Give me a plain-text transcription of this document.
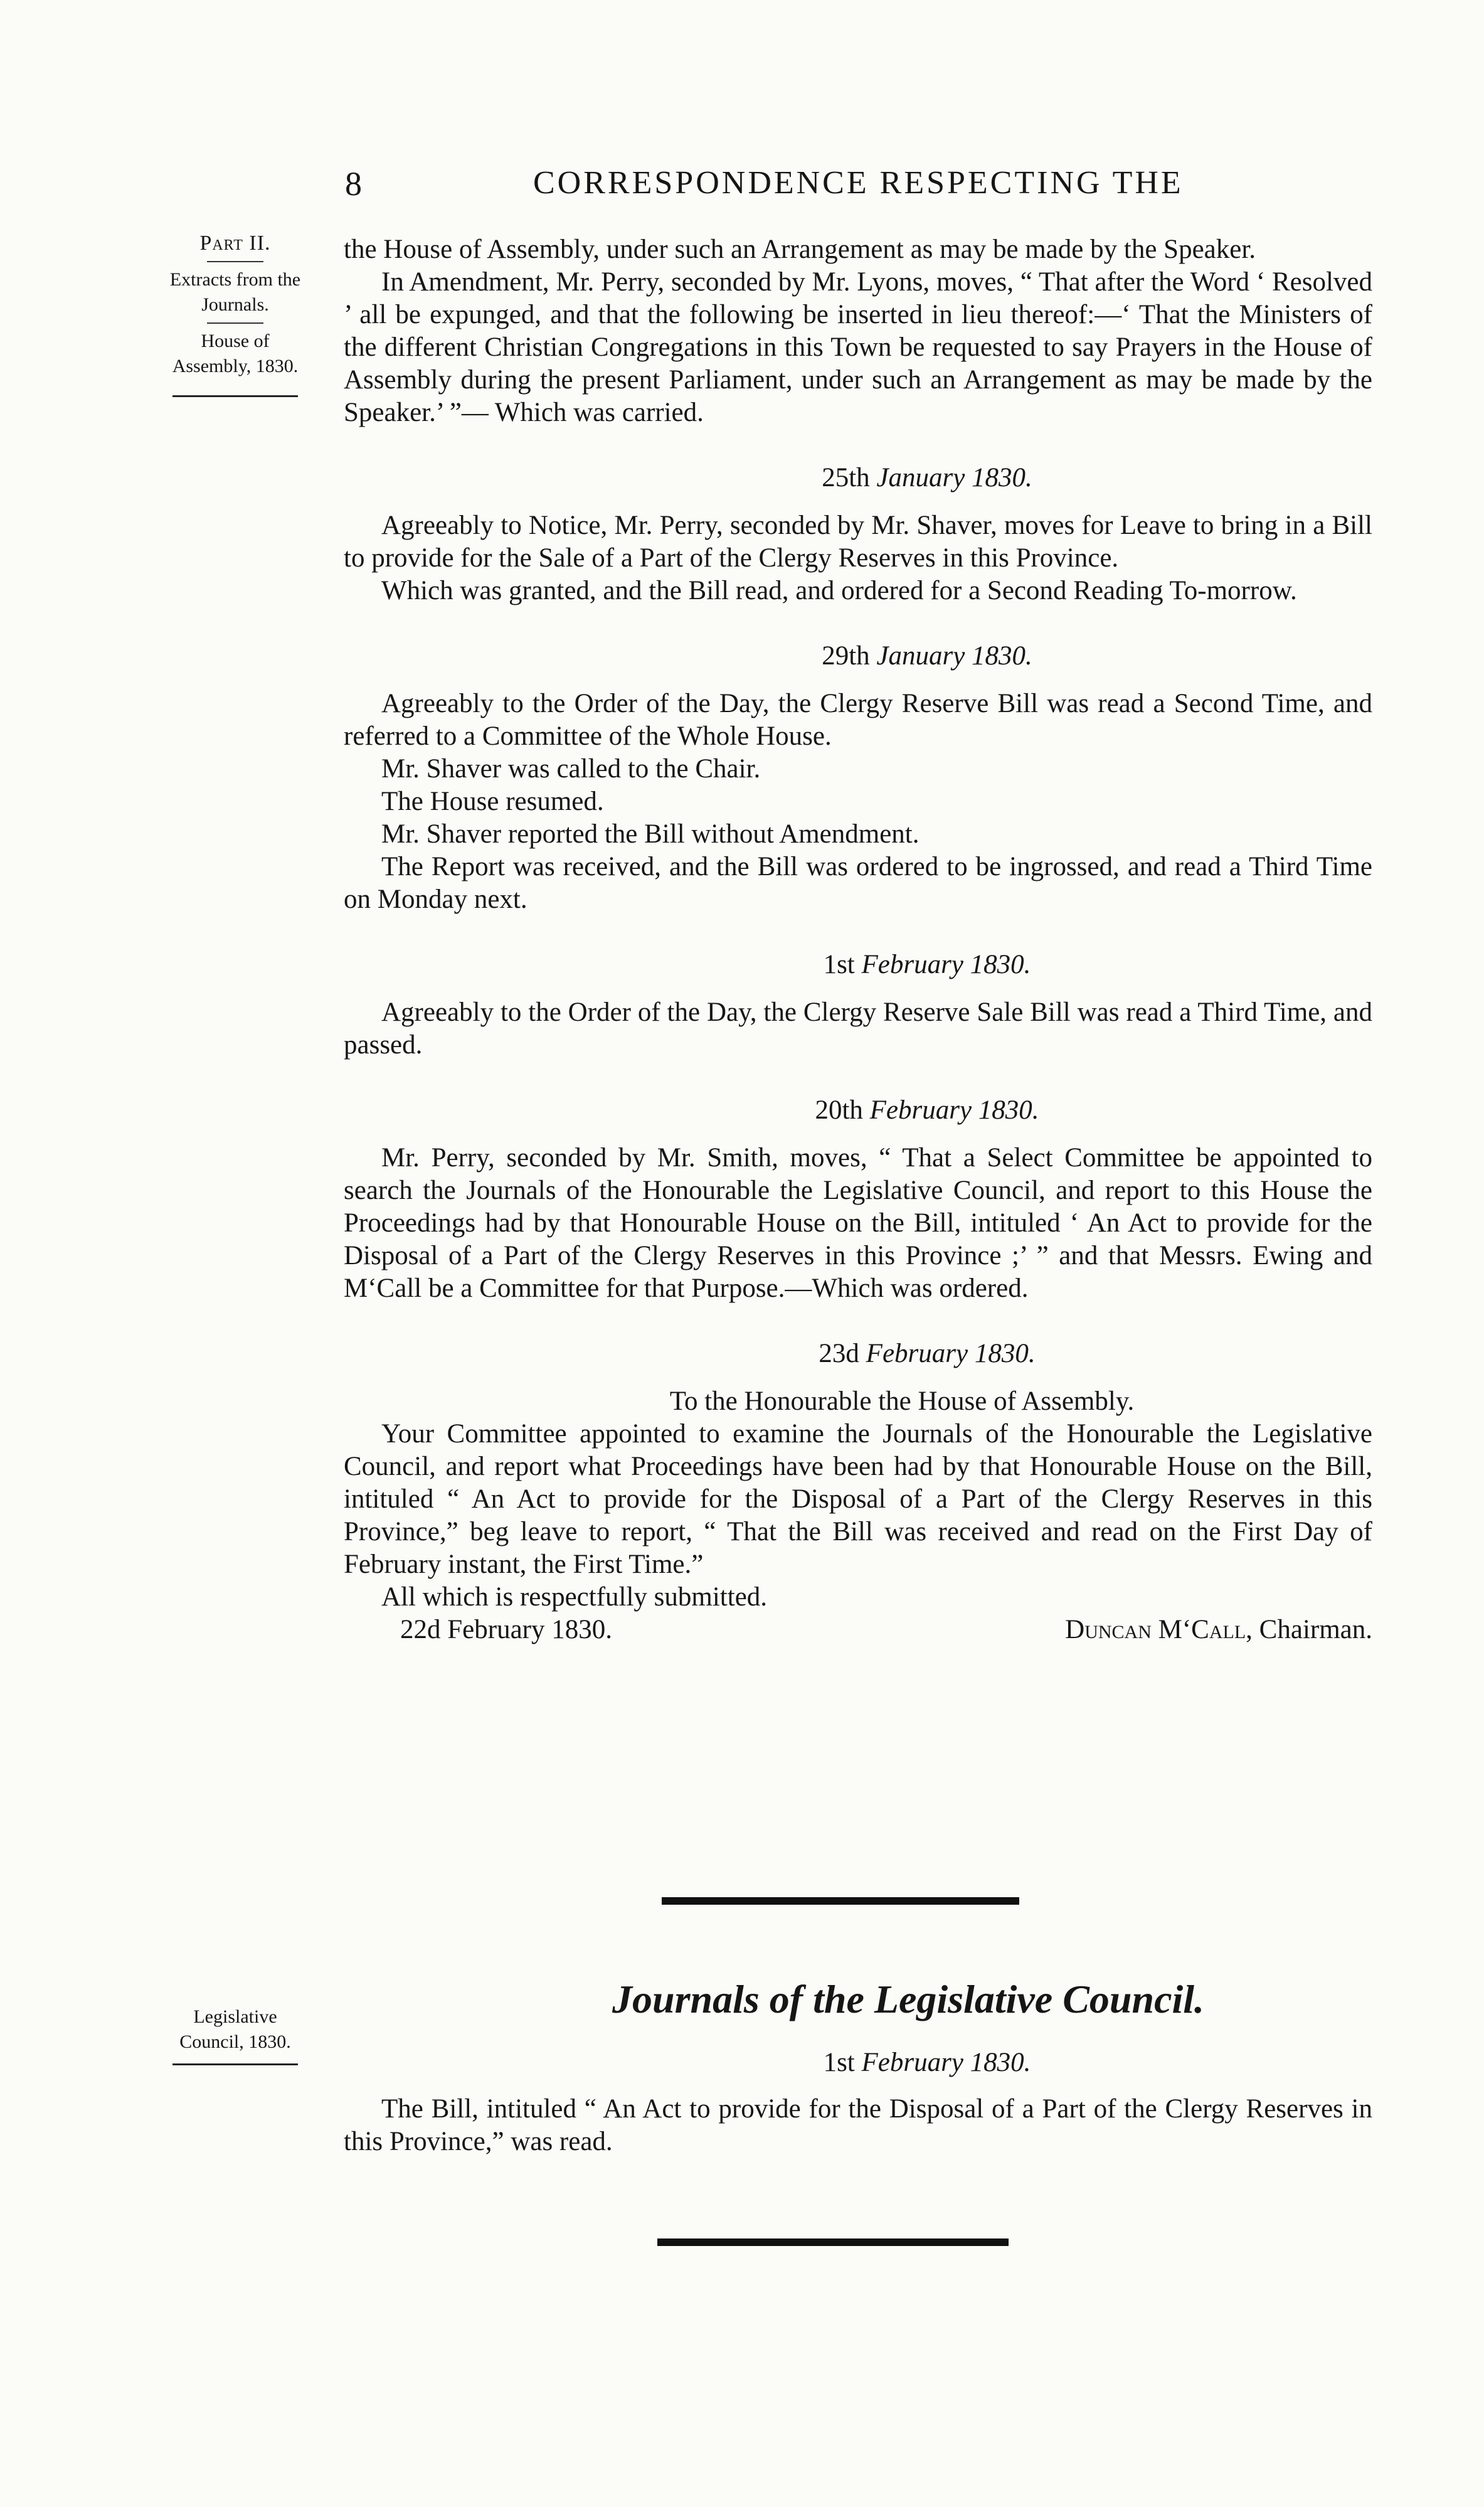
8	CORRESPONDENCE RESPECTING THE
Part II.
Extracts from the Journals.
House of Assembly, 1830.

the House of Assembly, under such an Arrangement as may be made by the Speaker.

In Amendment, Mr. Perry, seconded by Mr. Lyons, moves, “ That after the Word ‘ Resolved ’ all be expunged, and that the following be inserted in lieu thereof:—‘ That the Ministers of the different Christian Congregations in this Town be requested to say Prayers in the House of Assembly during the present Parliament, under such an Arrangement as may be made by the Speaker.’ ”— Which was carried.

25th January 1830.

Agreeably to Notice, Mr. Perry, seconded by Mr. Shaver, moves for Leave to bring in a Bill to provide for the Sale of a Part of the Clergy Reserves in this Province.

Which was granted, and the Bill read, and ordered for a Second Reading To-morrow.

29th January 1830.

Agreeably to the Order of the Day, the Clergy Reserve Bill was read a Second Time, and referred to a Committee of the Whole House.

Mr. Shaver was called to the Chair.

The House resumed.

Mr. Shaver reported the Bill without Amendment.

The Report was received, and the Bill was ordered to be ingrossed, and read a Third Time on Monday next.

1st February 1830.

Agreeably to the Order of the Day, the Clergy Reserve Sale Bill was read a Third Time, and passed.

20th February 1830.

Mr. Perry, seconded by Mr. Smith, moves, “ That a Select Committee be appointed to search the Journals of the Honourable the Legislative Council, and report to this House the Proceedings had by that Honourable House on the Bill, intituled ‘ An Act to provide for the Disposal of a Part of the Clergy Reserves in this Province ;’ ” and that Messrs. Ewing and M‘Call be a Committee for that Purpose.—Which was ordered.

23d February 1830.
To the Honourable the House of Assembly.

Your Committee appointed to examine the Journals of the Honourable the Legislative Council, and report what Proceedings have been had by that Honourable House on the Bill, intituled “ An Act to provide for the Disposal of a Part of the Clergy Reserves in this Province,” beg leave to report, “ That the Bill was received and read on the First Day of February instant, the First Time.”

All which is respectfully submitted.

22d February 1830.	Duncan M‘Call, Chairman.
Legislative Council, 1830.
Journals of the Legislative Council.
1st February 1830.

The Bill, intituled “ An Act to provide for the Disposal of a Part of the Clergy Reserves in this Province,” was read.
